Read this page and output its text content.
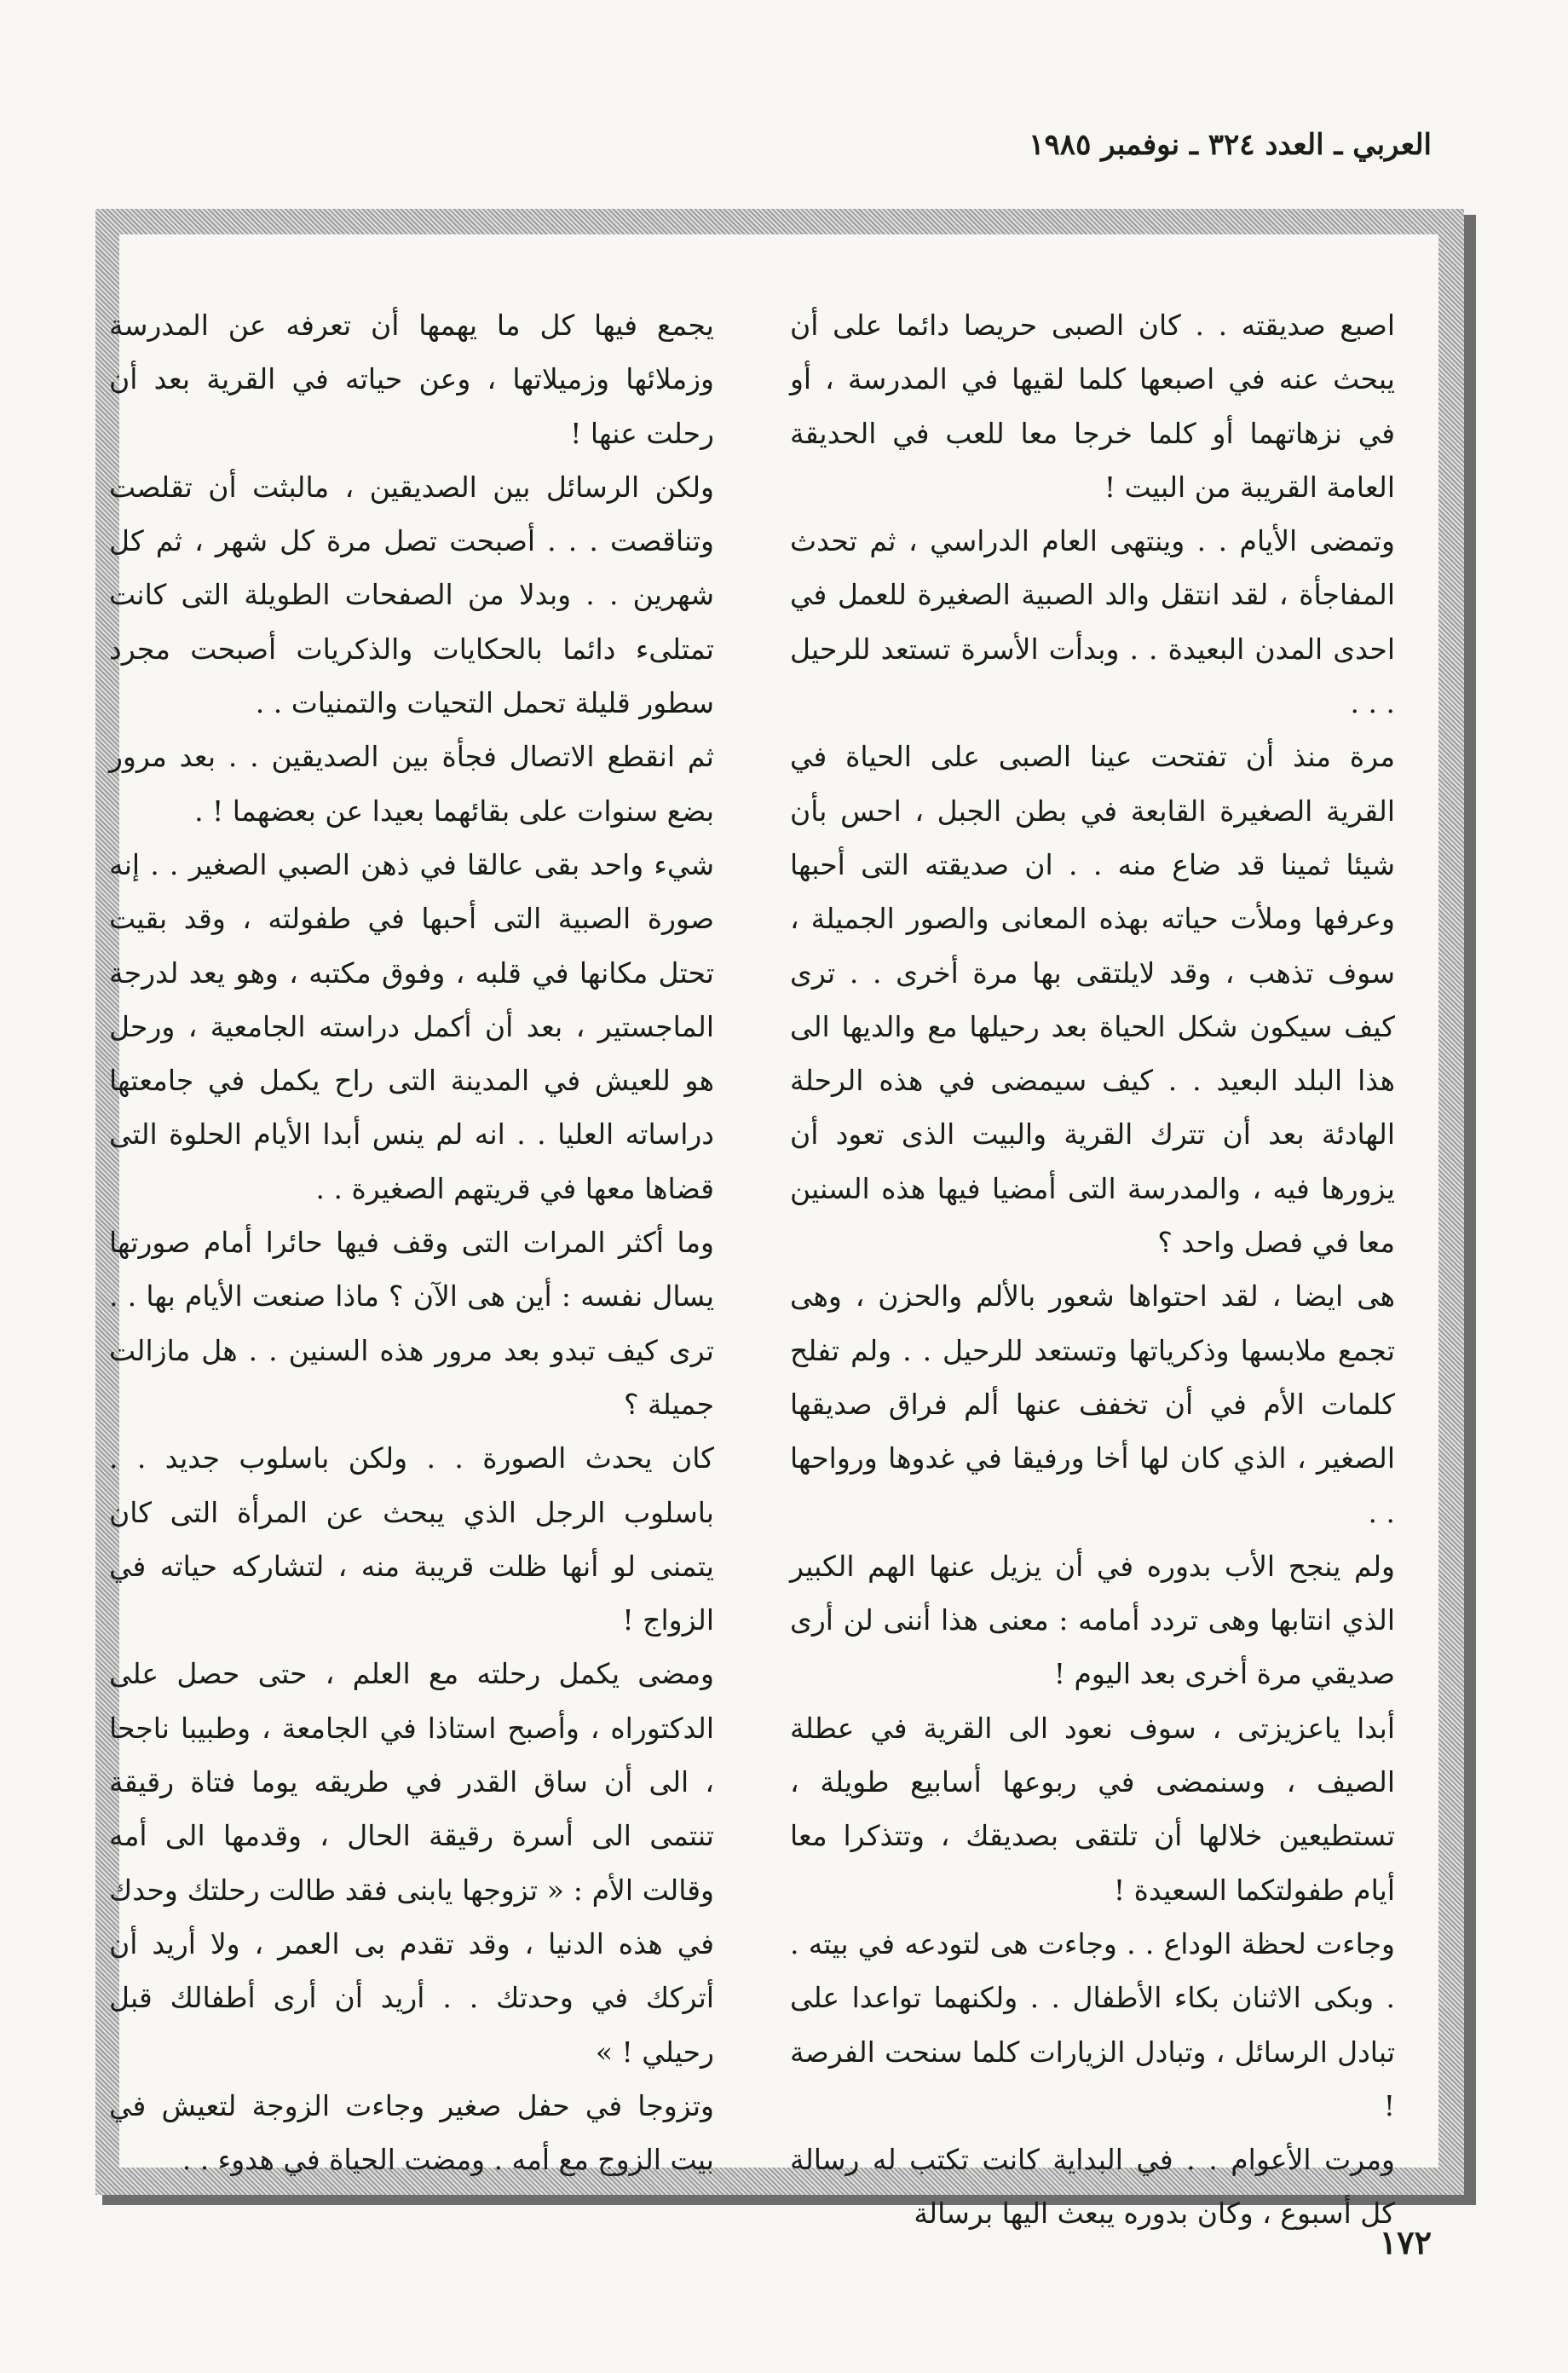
العربي ـ العدد ٣٢٤ ـ نوفمبر ١٩٨٥

اصبع صديقته . . كان الصبى حريصا دائما على أن يبحث عنه في اصبعها كلما لقيها في المدرسة ، أو في نزهاتهما أو كلما خرجا معا للعب في الحديقة العامة القريبة من البيت !

وتمضى الأيام . . وينتهى العام الدراسي ، ثم تحدث المفاجأة ، لقد انتقل والد الصبية الصغيرة للعمل في احدى المدن البعيدة . . وبدأت الأسرة تستعد للرحيل . . .

مرة منذ أن تفتحت عينا الصبى على الحياة في القرية الصغيرة القابعة في بطن الجبل ، احس بأن شيئا ثمينا قد ضاع منه . . ان صديقته التى أحبها وعرفها وملأت حياته بهذه المعانى والصور الجميلة ، سوف تذهب ، وقد لايلتقى بها مرة أخرى . . ترى كيف سيكون شكل الحياة بعد رحيلها مع والديها الى هذا البلد البعيد . . كيف سيمضى في هذه الرحلة الهادئة بعد أن تترك القرية والبيت الذى تعود أن يزورها فيه ، والمدرسة التى أمضيا فيها هذه السنين معا في فصل واحد ؟

هى ايضا ، لقد احتواها شعور بالألم والحزن ، وهى تجمع ملابسها وذكرياتها وتستعد للرحيل . . ولم تفلح كلمات الأم في أن تخفف عنها ألم فراق صديقها الصغير ، الذي كان لها أخا ورفيقا في غدوها ورواحها . .

ولم ينجح الأب بدوره في أن يزيل عنها الهم الكبير الذي انتابها وهى تردد أمامه : معنى هذا أننى لن أرى صديقي مرة أخرى بعد اليوم !

أبدا ياعزيزتى ، سوف نعود الى القرية في عطلة الصيف ، وسنمضى في ربوعها أسابيع طويلة ، تستطيعين خلالها أن تلتقى بصديقك ، وتتذكرا معا أيام طفولتكما السعيدة !

وجاءت لحظة الوداع . . وجاءت هى لتودعه في بيته . . وبكى الاثنان بكاء الأطفال . . ولكنهما تواعدا على تبادل الرسائل ، وتبادل الزيارات كلما سنحت الفرصة !

ومرت الأعوام . . في البداية كانت تكتب له رسالة كل أسبوع ، وكان بدوره يبعث اليها برسالة

يجمع فيها كل ما يهمها أن تعرفه عن المدرسة وزملائها وزميلاتها ، وعن حياته في القرية بعد أن رحلت عنها !

ولكن الرسائل بين الصديقين ، مالبثت أن تقلصت وتناقصت . . . أصبحت تصل مرة كل شهر ، ثم كل شهرين . . وبدلا من الصفحات الطويلة التى كانت تمتلىء دائما بالحكايات والذكريات أصبحت مجرد سطور قليلة تحمل التحيات والتمنيات . .

ثم انقطع الاتصال فجأة بين الصديقين . . بعد مرور بضع سنوات على بقائهما بعيدا عن بعضهما ! .

شيء واحد بقى عالقا في ذهن الصبي الصغير . . إنه صورة الصبية التى أحبها في طفولته ، وقد بقيت تحتل مكانها في قلبه ، وفوق مكتبه ، وهو يعد لدرجة الماجستير ، بعد أن أكمل دراسته الجامعية ، ورحل هو للعيش في المدينة التى راح يكمل في جامعتها دراساته العليا . . انه لم ينس أبدا الأيام الحلوة التى قضاها معها في قريتهم الصغيرة . .

وما أكثر المرات التى وقف فيها حائرا أمام صورتها يسال نفسه : أين هى الآن ؟ ماذا صنعت الأيام بها . . ترى كيف تبدو بعد مرور هذه السنين . . هل مازالت جميلة ؟

كان يحدث الصورة . . ولكن باسلوب جديد . . باسلوب الرجل الذي يبحث عن المرأة التى كان يتمنى لو أنها ظلت قريبة منه ، لتشاركه حياته في الزواج !

ومضى يكمل رحلته مع العلم ، حتى حصل على الدكتوراه ، وأصبح استاذا في الجامعة ، وطبيبا ناجحا ، الى أن ساق القدر في طريقه يوما فتاة رقيقة تنتمى الى أسرة رقيقة الحال ، وقدمها الى أمه وقالت الأم : « تزوجها يابنى فقد طالت رحلتك وحدك في هذه الدنيا ، وقد تقدم بى العمر ، ولا أريد أن أتركك في وحدتك . . أريد أن أرى أطفالك قبل رحيلي ! »

وتزوجا في حفل صغير وجاءت الزوجة لتعيش في بيت الزوج مع أمه . ومضت الحياة في هدوء . .

١٧٢
